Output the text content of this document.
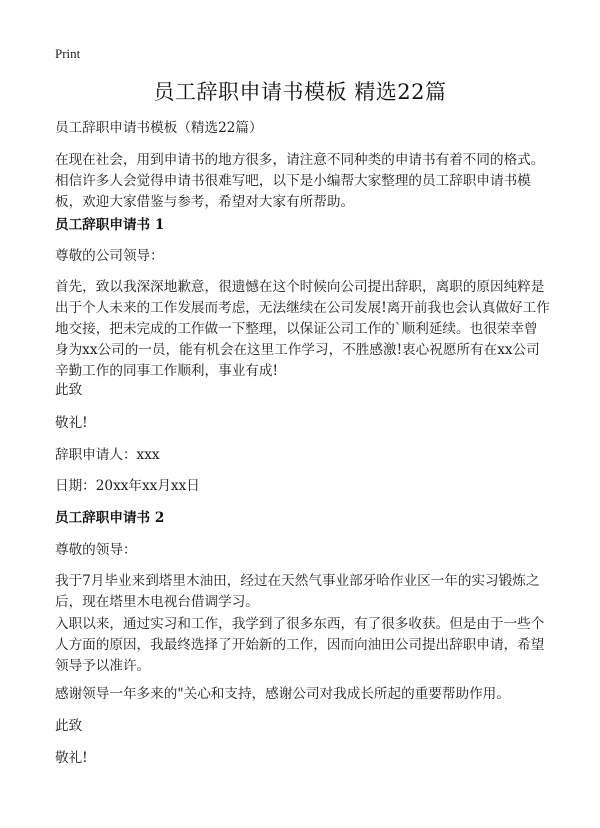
Print
员工辞职申请书模板 精选22篇

员工辞职申请书模板（精选22篇）

在现在社会，用到申请书的地方很多，请注意不同种类的申请书有着不同的格式。相信许多人会觉得申请书很难写吧，以下是小编帮大家整理的员工辞职申请书模板，欢迎大家借鉴与参考，希望对大家有所帮助。

员工辞职申请书 1

尊敬的公司领导：

首先，致以我深深地歉意，很遗憾在这个时候向公司提出辞职，离职的原因纯粹是出于个人未来的工作发展而考虑，无法继续在公司发展!离开前我也会认真做好工作地交接，把未完成的工作做一下整理，以保证公司工作的`顺利延续。也很荣幸曾身为xx公司的一员，能有机会在这里工作学习，不胜感激!衷心祝愿所有在xx公司辛勤工作的同事工作顺利，事业有成!

此致

敬礼!

辞职申请人：xxx

日期：20xx年xx月xx日

员工辞职申请书 2

尊敬的领导：

我于7月毕业来到塔里木油田，经过在天然气事业部牙哈作业区一年的实习锻炼之后，现在塔里木电视台借调学习。

入职以来，通过实习和工作，我学到了很多东西，有了很多收获。但是由于一些个人方面的原因，我最终选择了开始新的工作，因而向油田公司提出辞职申请，希望领导予以准许。

感谢领导一年多来的"关心和支持，感谢公司对我成长所起的重要帮助作用。

此致

敬礼!
